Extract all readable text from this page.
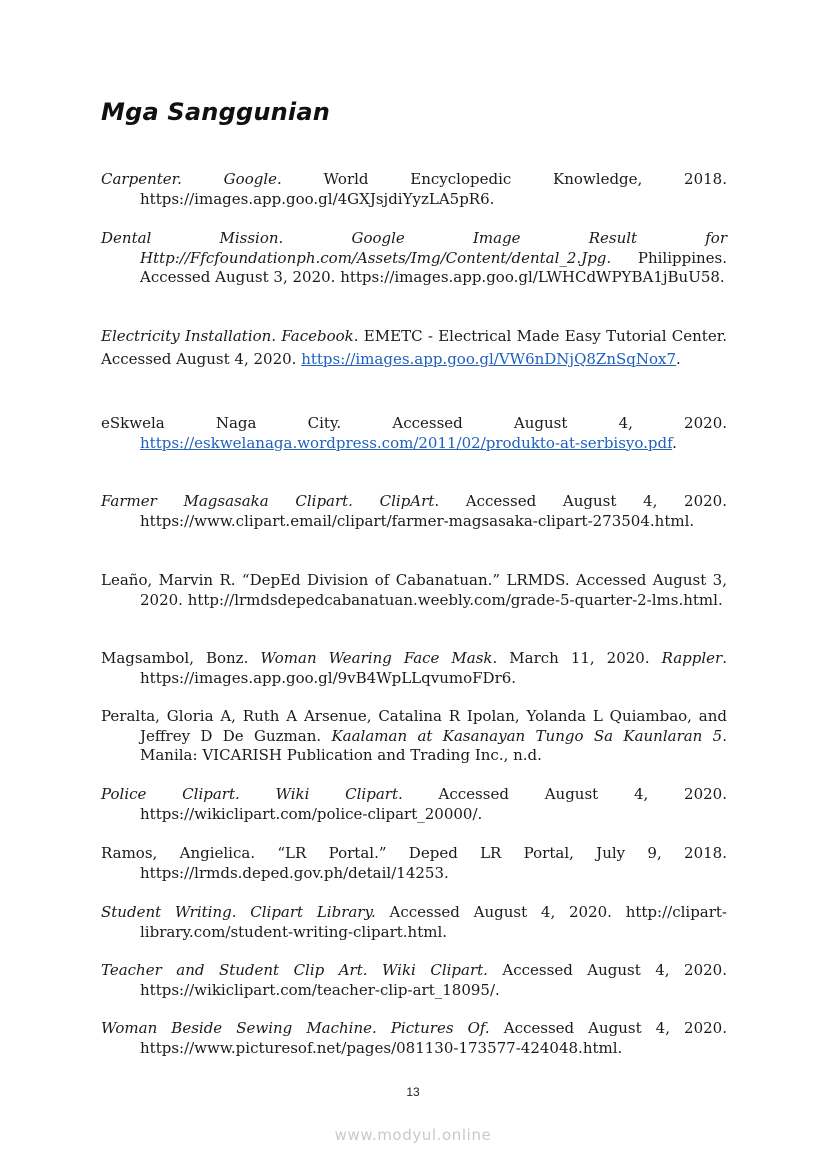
Mga Sanggunian

Carpenter. Google. World Encyclopedic Knowledge, 2018. https://images.app.goo.gl/4GXJsjdiYyzLA5pR6.

Dental Mission. Google Image Result for Http://Ffcfoundationph.com/Assets/Img/Content/dental_2.Jpg. Philippines. Accessed August 3, 2020. https://images.app.goo.gl/LWHCdWPYBA1jBuU58.

Electricity Installation. Facebook. EMETC - Electrical Made Easy Tutorial Center. Accessed August 4, 2020. https://images.app.goo.gl/VW6nDNjQ8ZnSqNox7.

eSkwela Naga City. Accessed August 4, 2020. https://eskwelanaga.wordpress.com/2011/02/produkto-at-serbisyo.pdf.

Farmer Magsasaka Clipart. ClipArt. Accessed August 4, 2020. https://www.clipart.email/clipart/farmer-magsasaka-clipart-273504.html.

Leaño, Marvin R. “DepEd Division of Cabanatuan.” LRMDS. Accessed August 3, 2020. http://lrmdsdepedcabanatuan.weebly.com/grade-5-quarter-2-lms.html.

Magsambol, Bonz. Woman Wearing Face Mask. March 11, 2020. Rappler. https://images.app.goo.gl/9vB4WpLLqvumoFDr6.

Peralta, Gloria A, Ruth A Arsenue, Catalina R Ipolan, Yolanda L Quiambao, and Jeffrey D De Guzman. Kaalaman at Kasanayan Tungo Sa Kaunlaran 5. Manila: VICARISH Publication and Trading Inc., n.d.

Police Clipart. Wiki Clipart. Accessed August 4, 2020. https://wikiclipart.com/police-clipart_20000/.

Ramos, Angielica. “LR Portal.” Deped LR Portal, July 9, 2018. https://lrmds.deped.gov.ph/detail/14253.

Student Writing. Clipart Library. Accessed August 4, 2020. http://clipart-library.com/student-writing-clipart.html.

Teacher and Student Clip Art. Wiki Clipart. Accessed August 4, 2020. https://wikiclipart.com/teacher-clip-art_18095/.

Woman Beside Sewing Machine. Pictures Of. Accessed August 4, 2020. https://www.picturesof.net/pages/081130-173577-424048.html.

13
www.modyul.online
